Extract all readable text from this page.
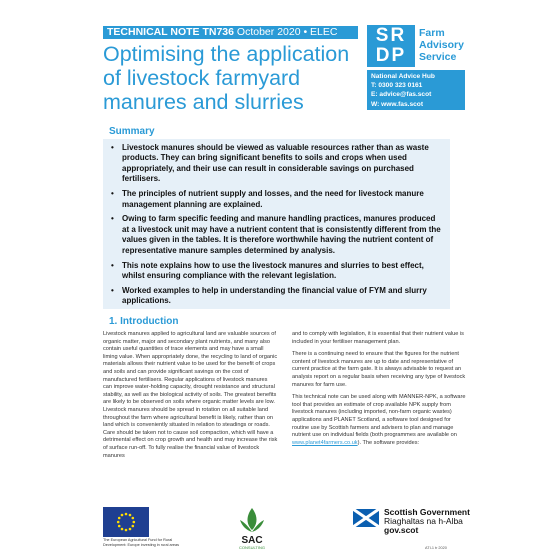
TECHNICAL NOTE TN736 October 2020 • ELEC
Optimising the application of livestock farmyard manures and slurries
SR
DP
Farm
Advisory
Service
National Advice Hub
T: 0300 323 0161
E: advice@fas.scot
W: www.fas.scot
Summary
• Livestock manures should be viewed as valuable resources rather than as waste products. They can bring significant benefits to soils and crops when used appropriately, and their use can result in considerable savings on purchased fertilisers.
• The principles of nutrient supply and losses, and the need for livestock manure management planning are explained.
• Owing to farm specific feeding and manure handling practices, manures produced at a livestock unit may have a nutrient content that is consistently different from the values given in the tables. It is therefore worthwhile having the nutrient content of representative manure samples determined by analysis.
• This note explains how to use the livestock manures and slurries to best effect, whilst ensuring compliance with the relevant legislation.
• Worked examples to help in understanding the financial value of FYM and slurry applications.
1. Introduction

Livestock manures applied to agricultural land are valuable sources of organic matter, major and secondary plant nutrients, and many also contain useful quantities of trace elements and may have a small liming value. When appropriately done, the recycling to land of organic materials allows their nutrient value to be used for the benefit of crops and soils and can provide significant savings on the cost of manufactured fertilisers. Regular applications of livestock manures can improve water-holding capacity, drought resistance and structural stability, as well as the biological activity of soils. The greatest benefits are likely to be observed on soils where organic matter levels are low. Livestock manures should be spread in rotation on all suitable land throughout the farm where agricultural benefit is likely, rather than on land which is conveniently situated in relation to steadings or roads. Care should be taken not to cause soil compaction, which will have a detrimental effect on crop growth and health and may increase the risk of surface run-off. To fully realise the financial value of livestock manures

and to comply with legislation, it is essential that their nutrient value is included in your fertiliser management plan.

There is a continuing need to ensure that the figures for the nutrient content of livestock manures are up to date and representative of current practice at the farm gate. It is always advisable to request an analysis report on a regular basis when receiving any type of livestock manures for farm use.

This technical note can be used along with MANNER-NPK, a software tool that provides an estimate of crop available NPK supply from livestock manures (including imported, non-farm organic wastes) applications and PLANET Scotland, a software tool designed for routine use by Scottish farmers and advisers to plan and manage nutrient use on individual fields (both programmes are available on www.planet4farmers.co.uk). The software provides:

The European Agricultural Fund for Rural Development: Europe investing in rural areas	SAC
CONSULTING
Scottish Government
Riaghaltas na h-Alba
gov.scot
ATI-1 tr 2020
